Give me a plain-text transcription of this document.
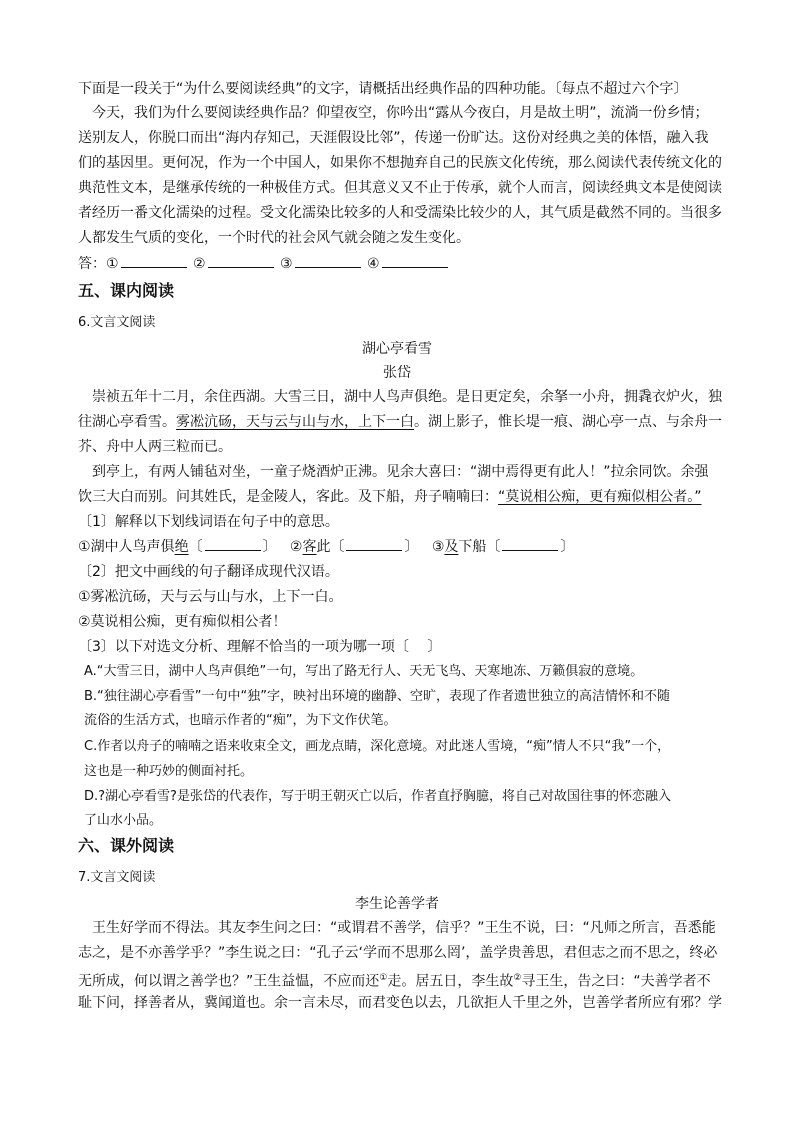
下面是一段关于“为什么要阅读经典”的文字，请概括出经典作品的四种功能。〔每点不超过六个字〕
今天，我们为什么要阅读经典作品？仰望夜空，你吟出“露从今夜白，月是故土明”，流淌一份乡情；
送别友人，你脱口而出“海内存知己，天涯假设比邻”，传递一份旷达。这份对经典之美的体悟，融入我
们的基因里。更何况，作为一个中国人，如果你不想抛弃自己的民族文化传统，那么阅读代表传统文化的
典范性文本，是继承传统的一种极佳方式。但其意义又不止于传承，就个人而言，阅读经典文本是使阅读
者经历一番文化濡染的过程。受文化濡染比较多的人和受濡染比较少的人，其气质是截然不同的。当很多
人都发生气质的变化，一个时代的社会风气就会随之发生变化。
答：①	②	③	④
五、课内阅读
6.文言文阅读
湖心亭看雪
张岱
崇祯五年十二月，余住西湖。大雪三日，湖中人鸟声俱绝。是日更定矣，余拏一小舟，拥毳衣炉火，独
往湖心亭看雪。雾凇沆砀，天与云与山与水，上下一白。湖上影子，惟长堤一痕、湖心亭一点、与余舟一
芥、舟中人两三粒而已。
到亭上，有两人铺毡对坐，一童子烧酒炉正沸。见余大喜曰：“湖中焉得更有此人！”拉余同饮。余强
饮三大白而别。问其姓氏，是金陵人，客此。及下船，舟子喃喃曰：“莫说相公痴，更有痴似相公者。”
〔1〕解释以下划线词语在句子中的意思。
①湖中人鸟声俱绝〔	〕 ②客此〔	〕 ③及下船〔	〕
〔2〕把文中画线的句子翻译成现代汉语。
①雾凇沆砀，天与云与山与水，上下一白。
②莫说相公痴，更有痴似相公者！
〔3〕以下对选文分析、理解不恰当的一项为哪一项〔　 〕
A.“大雪三日，湖中人鸟声俱绝”一句，写出了路无行人、天无飞鸟、天寒地冻、万籁俱寂的意境。
B.“独往湖心亭看雪”一句中“独”字，映衬出环境的幽静、空旷，表现了作者遗世独立的高洁情怀和不随
流俗的生活方式，也暗示作者的“痴”，为下文作伏笔。
C.作者以舟子的喃喃之语来收束全文，画龙点睛，深化意境。对此迷人雪境，“痴”情人不只“我”一个，
这也是一种巧妙的侧面衬托。
D.?湖心亭看雪?是张岱的代表作，写于明王朝灭亡以后，作者直抒胸臆，将自己对故国往事的怀恋融入
了山水小品。
六、课外阅读
7.文言文阅读
李生论善学者
王生好学而不得法。其友李生问之曰：“或谓君不善学，信乎？”王生不说，曰：“凡师之所言，吾悉能
志之，是不亦善学乎？”李生说之曰：“孔子云‘学而不思那么罔’，盖学贵善思，君但志之而不思之，终必
无所成，何以谓之善学也？”王生益愠，不应而还①走。居五日，李生故②寻王生，告之曰：“夫善学者不
耻下问，择善者从，冀闻道也。余一言未尽，而君变色以去，几欲拒人千里之外，岂善学者所应有邪？学
